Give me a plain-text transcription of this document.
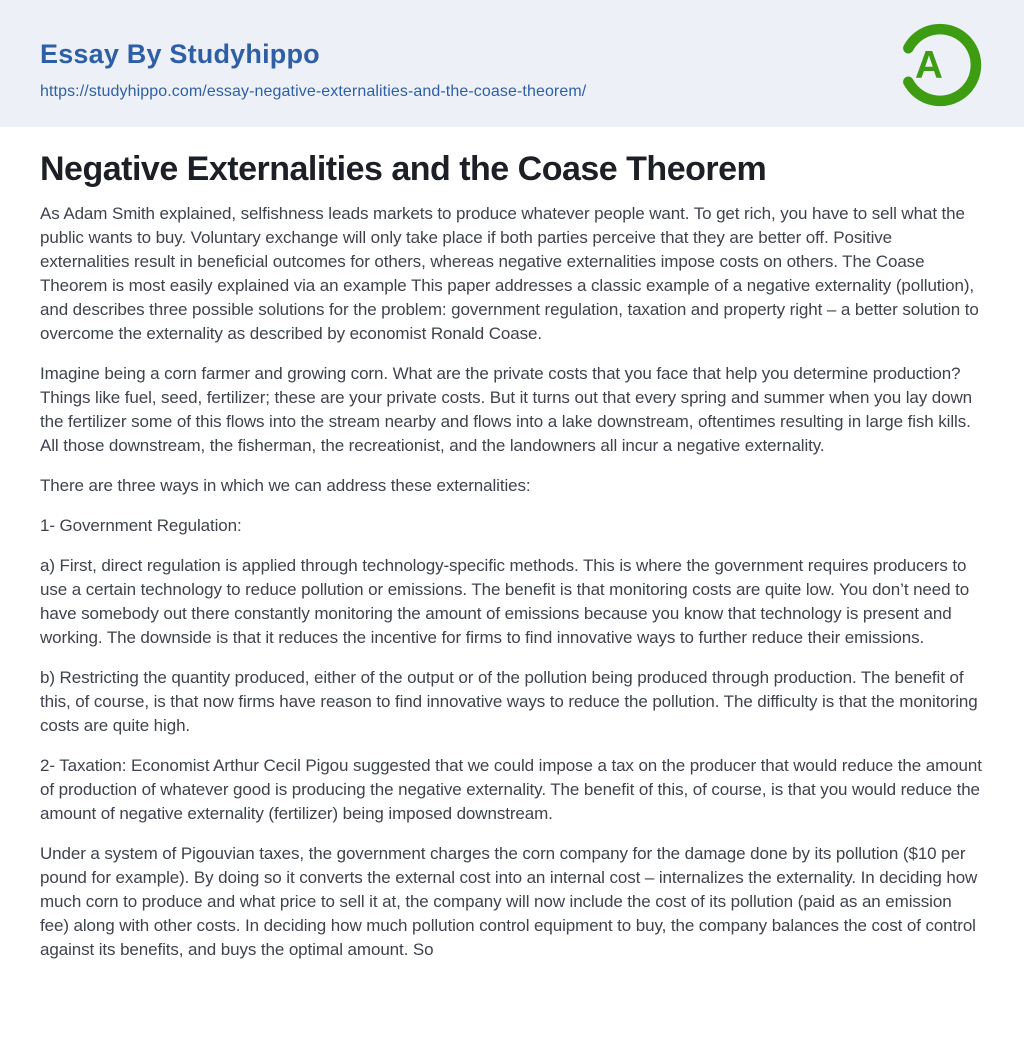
Essay By Studyhippo
https://studyhippo.com/essay-negative-externalities-and-the-coase-theorem/
A
Negative Externalities and the Coase Theorem

As Adam Smith explained, selfishness leads markets to produce whatever people want. To get rich, you have to sell what the public wants to buy. Voluntary exchange will only take place if both parties perceive that they are better off. Positive externalities result in beneficial outcomes for others, whereas negative externalities impose costs on others. The Coase Theorem is most easily explained via an example This paper addresses a classic example of a negative externality (pollution), and describes three possible solutions for the problem: government regulation, taxation and property right – a better solution to overcome the externality as described by economist Ronald Coase.

Imagine being a corn farmer and growing corn. What are the private costs that you face that help you determine production? Things like fuel, seed, fertilizer; these are your private costs. But it turns out that every spring and summer when you lay down the fertilizer some of this flows into the stream nearby and flows into a lake downstream, oftentimes resulting in large fish kills. All those downstream, the fisherman, the recreationist, and the landowners all incur a negative externality.

There are three ways in which we can address these externalities:

1- Government Regulation:

a) First, direct regulation is applied through technology-specific methods. This is where the government requires producers to use a certain technology to reduce pollution or emissions. The benefit is that monitoring costs are quite low. You don’t need to have somebody out there constantly monitoring the amount of emissions because you know that technology is present and working. The downside is that it reduces the incentive for firms to find innovative ways to further reduce their emissions.

b) Restricting the quantity produced, either of the output or of the pollution being produced through production. The benefit of this, of course, is that now firms have reason to find innovative ways to reduce the pollution. The difficulty is that the monitoring costs are quite high.

2- Taxation: Economist Arthur Cecil Pigou suggested that we could impose a tax on the producer that would reduce the amount of production of whatever good is producing the negative externality. The benefit of this, of course, is that you would reduce the amount of negative externality (fertilizer) being imposed downstream.

Under a system of Pigouvian taxes, the government charges the corn company for the damage done by its pollution ($10 per pound for example). By doing so it converts the external cost into an internal cost – internalizes the externality. In deciding how much corn to produce and what price to sell it at, the company will now include the cost of its pollution (paid as an emission fee) along with other costs. In deciding how much pollution control equipment to buy, the company balances the cost of control against its benefits, and buys the optimal amount. So
